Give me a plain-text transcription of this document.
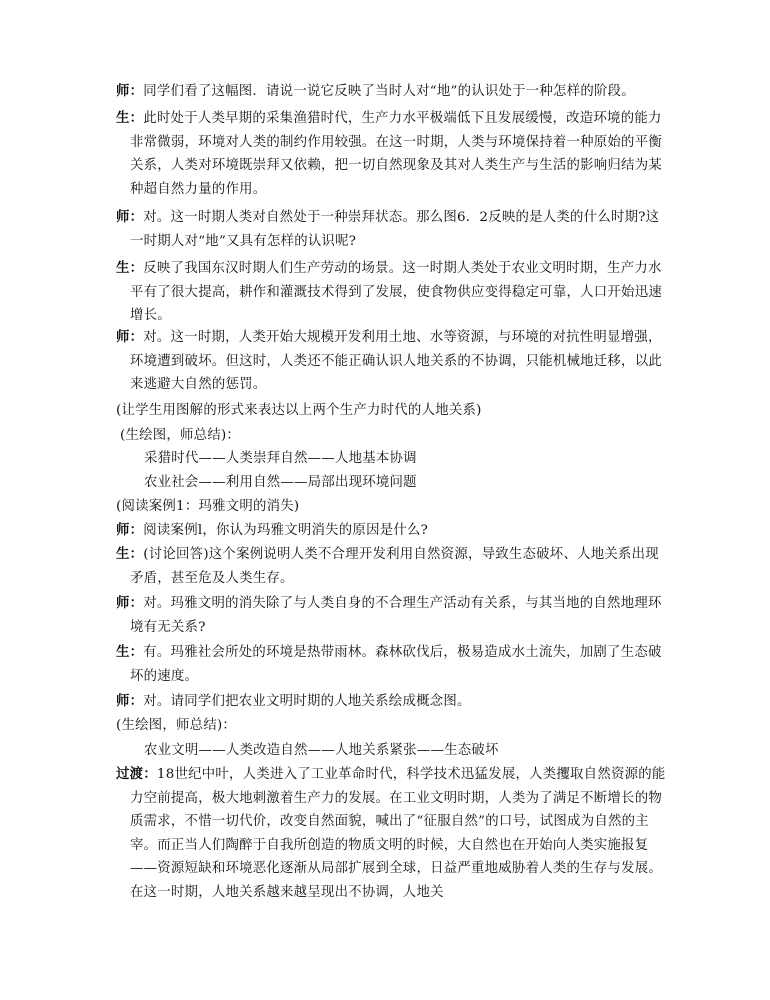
师：同学们看了这幅图．请说一说它反映了当时人对“地”的认识处于一种怎样的阶段。
生：此时处于人类早期的采集渔猎时代，生产力水平极端低下且发展缓慢，改造环境的能力非常微弱，环境对人类的制约作用较强。在这一时期，人类与环境保持着一种原始的平衡关系，人类对环境既崇拜又依赖，把一切自然现象及其对人类生产与生活的影响归结为某种超自然力量的作用。
师：对。这一时期人类对自然处于一种崇拜状态。那么图6．2反映的是人类的什么时期?这一时期人对“地”又具有怎样的认识呢?
生：反映了我国东汉时期人们生产劳动的场景。这一时期人类处于农业文明时期，生产力水平有了很大提高，耕作和灌溉技术得到了发展，使食物供应变得稳定可靠，人口开始迅速增长。
师：对。这一时期，人类开始大规模开发利用土地、水等资源，与环境的对抗性明显增强，环境遭到破坏。但这时，人类还不能正确认识人地关系的不协调，只能机械地迁移，以此来逃避大自然的惩罚。
(让学生用图解的形式来表达以上两个生产力时代的人地关系)
(生绘图，师总结)：
采猎时代——人类崇拜自然——人地基本协调
农业社会——利用自然——局部出现环境问题
(阅读案例1：玛雅文明的消失)
师：阅读案例l，你认为玛雅文明消失的原因是什么?
生：(讨论回答)这个案例说明人类不合理开发利用自然资源，导致生态破坏、人地关系出现矛盾，甚至危及人类生存。
师：对。玛雅文明的消失除了与人类自身的不合理生产活动有关系，与其当地的自然地理环境有无关系?
生：有。玛雅社会所处的环境是热带雨林。森林砍伐后，极易造成水土流失，加剧了生态破坏的速度。
师：对。请同学们把农业文明时期的人地关系绘成概念图。
(生绘图，师总结)：
农业文明——人类改造自然——人地关系紧张——生态破坏
过渡：18世纪中叶，人类进入了工业革命时代，科学技术迅猛发展，人类攫取自然资源的能力空前提高，极大地刺激着生产力的发展。在工业文明时期，人类为了满足不断增长的物质需求，不惜一切代价，改变自然面貌，喊出了“征服自然”的口号，试图成为自然的主宰。而正当人们陶醉于自我所创造的物质文明的时候，大自然也在开始向人类实施报复——资源短缺和环境恶化逐渐从局部扩展到全球，日益严重地威胁着人类的生存与发展。在这一时期，人地关系越来越呈现出不协调，人地关
